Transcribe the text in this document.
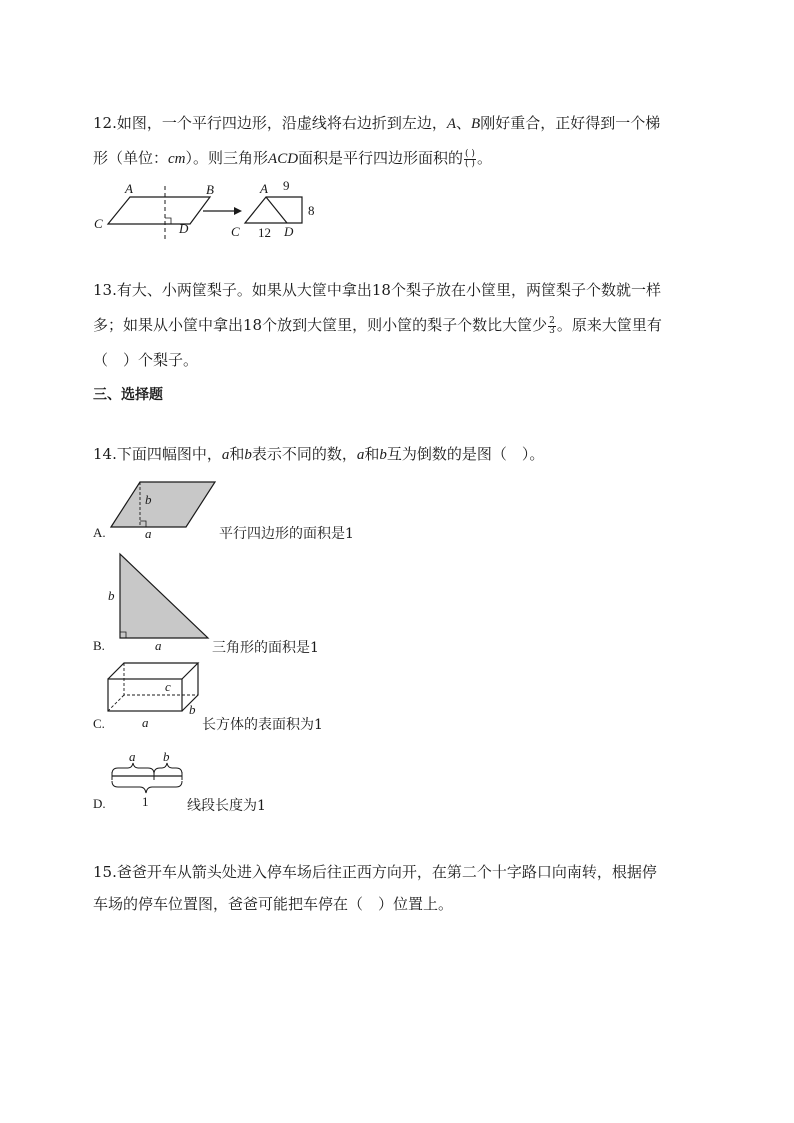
12.如图，一个平行四边形，沿虚线将右边折到左边，A、B刚好重合，正好得到一个梯
形（单位：cm）。则三角形ACD面积是平行四边形面积的 $\frac{( )}{( )}$ 。
A	B
C	D
A 9
8
C 12 D
13.有大、小两筐梨子。如果从大筐中拿出18个梨子放在小筐里，两筐梨子个数就一样
多；如果从小筐中拿出18个放到大筐里，则小筐的梨子个数比大筐少 $\frac{2}{3}$ 。原来大筐里有
（　）个梨子。
三、选择题
14.下面四幅图中，a和b表示不同的数，a和b互为倒数的是图（　）。
A.
b
a	平行四边形的面积是1
B.
b
a	三角形的面积是1
C.
c
a
b
长方体的表面积为1
D.
a b
1	线段长度为1
15.爸爸开车从箭头处进入停车场后往正西方向开，在第二个十字路口向南转，根据停
车场的停车位置图，爸爸可能把车停在（　）位置上。
